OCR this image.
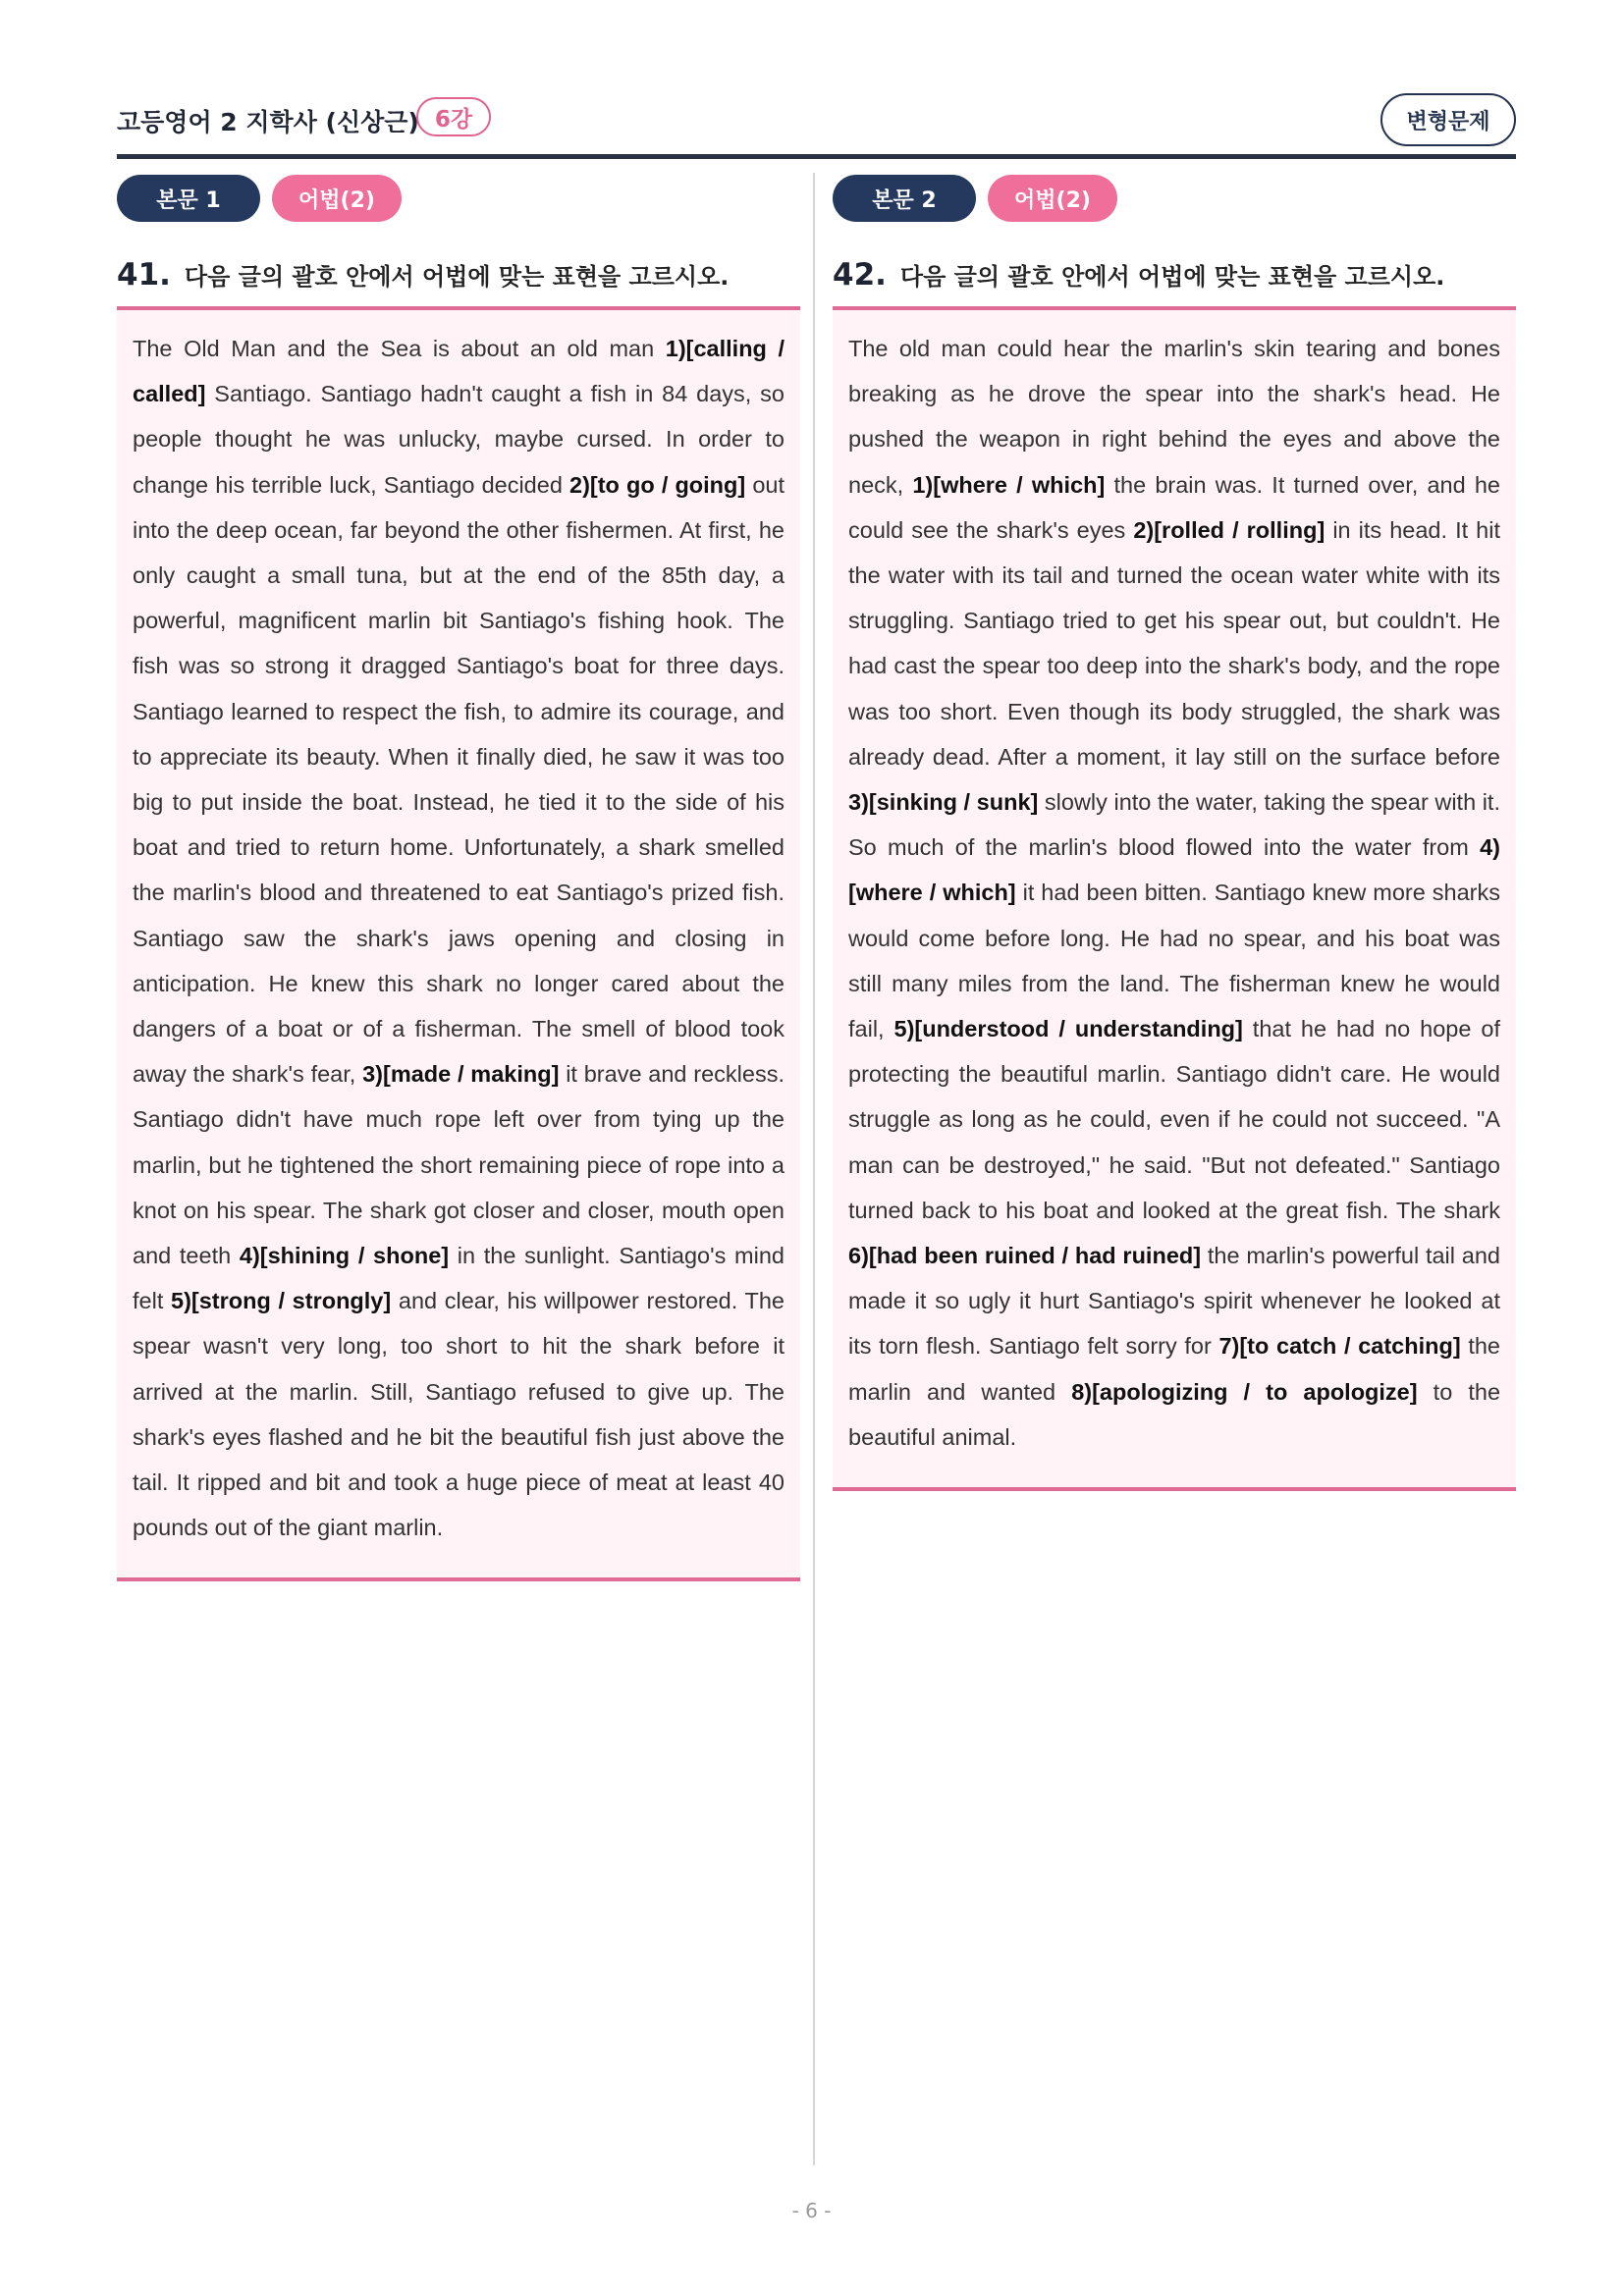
고등영어 2 지학사 (신상근) 6강	변형문제
본문 1	어법(2)
41. 다음 글의 괄호 안에서 어법에 맞는 표현을 고르시오.
The Old Man and the Sea is about an old man 1)[calling / called] Santiago. Santiago hadn't caught a fish in 84 days, so people thought he was unlucky, maybe cursed. In order to change his terrible luck, Santiago decided 2)[to go / going] out into the deep ocean, far beyond the other fishermen. At first, he only caught a small tuna, but at the end of the 85th day, a powerful, magnificent marlin bit Santiago's fishing hook. The fish was so strong it dragged Santiago's boat for three days. Santiago learned to respect the fish, to admire its courage, and to appreciate its beauty. When it finally died, he saw it was too big to put inside the boat. Instead, he tied it to the side of his boat and tried to return home. Unfortunately, a shark smelled the marlin's blood and threatened to eat Santiago's prized fish. Santiago saw the shark's jaws opening and closing in anticipation. He knew this shark no longer cared about the dangers of a boat or of a fisherman. The smell of blood took away the shark's fear, 3)[made / making] it brave and reckless. Santiago didn't have much rope left over from tying up the marlin, but he tightened the short remaining piece of rope into a knot on his spear. The shark got closer and closer, mouth open and teeth 4)[shining / shone] in the sunlight. Santiago's mind felt 5)[strong / strongly] and clear, his willpower restored. The spear wasn't very long, too short to hit the shark before it arrived at the marlin. Still, Santiago refused to give up. The shark's eyes flashed and he bit the beautiful fish just above the tail. It ripped and bit and took a huge piece of meat at least 40 pounds out of the giant marlin.
본문 2	어법(2)
42. 다음 글의 괄호 안에서 어법에 맞는 표현을 고르시오.
The old man could hear the marlin's skin tearing and bones breaking as he drove the spear into the shark's head. He pushed the weapon in right behind the eyes and above the neck, 1)[where / which] the brain was. It turned over, and he could see the shark's eyes 2)[rolled / rolling] in its head. It hit the water with its tail and turned the ocean water white with its struggling. Santiago tried to get his spear out, but couldn't. He had cast the spear too deep into the shark's body, and the rope was too short. Even though its body struggled, the shark was already dead. After a moment, it lay still on the surface before 3)[sinking / sunk] slowly into the water, taking the spear with it. So much of the marlin's blood flowed into the water from 4)[where / which] it had been bitten. Santiago knew more sharks would come before long. He had no spear, and his boat was still many miles from the land. The fisherman knew he would fail, 5)[understood / understanding] that he had no hope of protecting the beautiful marlin. Santiago didn't care. He would struggle as long as he could, even if he could not succeed. "A man can be destroyed," he said. "But not defeated." Santiago turned back to his boat and looked at the great fish. The shark 6)[had been ruined / had ruined] the marlin's powerful tail and made it so ugly it hurt Santiago's spirit whenever he looked at its torn flesh. Santiago felt sorry for 7)[to catch / catching] the marlin and wanted 8)[apologizing / to apologize] to the beautiful animal.
- 6 -
